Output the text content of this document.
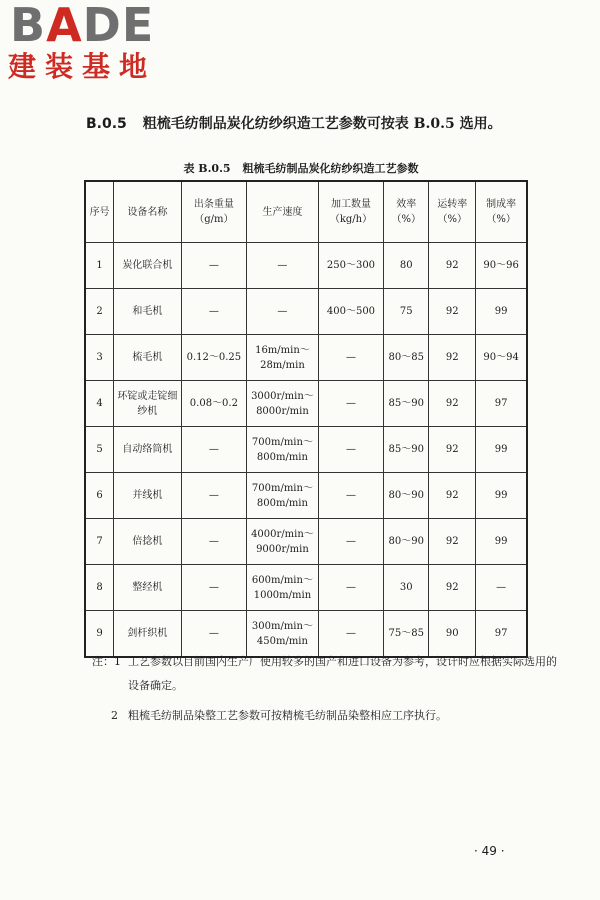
BADE
建装基地
B.0.5 粗梳毛纺制品炭化纺纱织造工艺参数可按表 B.0.5 选用。
表 B.0.5 粗梳毛纺制品炭化纺纱织造工艺参数
序号	设备名称	出条重量（g/m）	生产速度	加工数量（kg/h）	效率（%）	运转率（%）	制成率（%）
1	炭化联合机	—	—	250～300	80	92	90～96
2	和毛机	—	—	400～500	75	92	99
3	梳毛机	0.12～0.25	16m/min～28m/min	—	80～85	92	90～94
4	环锭或走锭细纱机	0.08～0.2	3000r/min～8000r/min	—	85～90	92	97
5	自动络筒机	—	700m/min～800m/min	—	85～90	92	99
6	并线机	—	700m/min～800m/min	—	80～90	92	99
7	倍捻机	—	4000r/min～9000r/min	—	80～90	92	99
8	整经机	—	600m/min～1000m/min	—	30	92	—
9	剑杆织机	—	300m/min～450m/min	—	75～85	90	97
注：1 工艺参数以目前国内生产厂使用较多的国产和进口设备为参考，设计时应根据实际选用的设备确定。
2 粗梳毛纺制品染整工艺参数可按精梳毛纺制品染整相应工序执行。
· 49 ·
